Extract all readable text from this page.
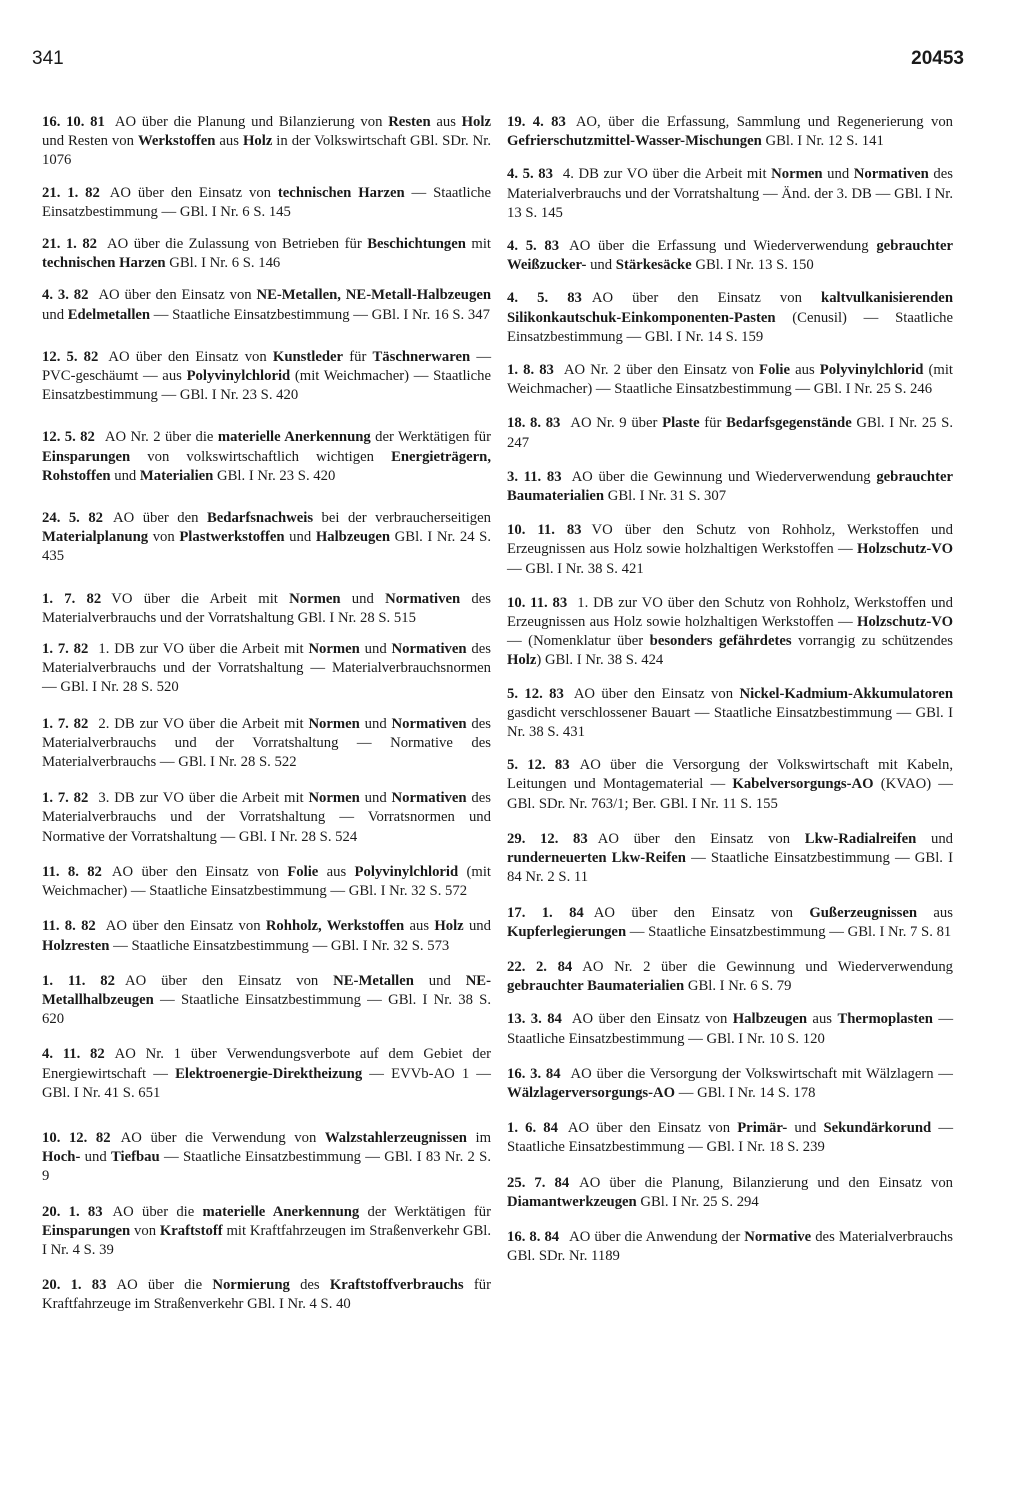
341	20453

16. 10. 81 AO über die Planung und Bilanzierung von Resten aus Holz und Resten von Werkstoffen aus Holz in der Volkswirtschaft GBl. SDr. Nr. 1076

21. 1. 82 AO über den Einsatz von technischen Harzen — Staatliche Einsatzbestimmung — GBl. I Nr. 6 S. 145

21. 1. 82 AO über die Zulassung von Betrieben für Beschichtungen mit technischen Harzen GBl. I Nr. 6 S. 146

4. 3. 82 AO über den Einsatz von NE-Metallen, NE-Metall-Halbzeugen und Edelmetallen — Staatliche Einsatzbestimmung — GBl. I Nr. 16 S. 347

12. 5. 82 AO über den Einsatz von Kunstleder für Täschnerwaren — PVC-geschäumt — aus Polyvinylchlorid (mit Weichmacher) — Staatliche Einsatzbestimmung — GBl. I Nr. 23 S. 420

12. 5. 82 AO Nr. 2 über die materielle Anerkennung der Werktätigen für Einsparungen von volkswirtschaftlich wichtigen Energieträgern, Rohstoffen und Materialien GBl. I Nr. 23 S. 420

24. 5. 82 AO über den Bedarfsnachweis bei der verbraucherseitigen Materialplanung von Plastwerkstoffen und Halbzeugen GBl. I Nr. 24 S. 435

1. 7. 82 VO über die Arbeit mit Normen und Normativen des Materialverbrauchs und der Vorratshaltung GBl. I Nr. 28 S. 515

1. 7. 82 1. DB zur VO über die Arbeit mit Normen und Normativen des Materialverbrauchs und der Vorratshaltung — Materialverbrauchsnormen — GBl. I Nr. 28 S. 520

1. 7. 82 2. DB zur VO über die Arbeit mit Normen und Normativen des Materialverbrauchs und der Vorratshaltung — Normative des Materialverbrauchs — GBl. I Nr. 28 S. 522

1. 7. 82 3. DB zur VO über die Arbeit mit Normen und Normativen des Materialverbrauchs und der Vorratshaltung — Vorratsnormen und Normative der Vorratshaltung — GBl. I Nr. 28 S. 524

11. 8. 82 AO über den Einsatz von Folie aus Polyvinylchlorid (mit Weichmacher) — Staatliche Einsatzbestimmung — GBl. I Nr. 32 S. 572

11. 8. 82 AO über den Einsatz von Rohholz, Werkstoffen aus Holz und Holzresten — Staatliche Einsatzbestimmung — GBl. I Nr. 32 S. 573

1. 11. 82 AO über den Einsatz von NE-Metallen und NE-Metallhalbzeugen — Staatliche Einsatzbestimmung — GBl. I Nr. 38 S. 620

4. 11. 82 AO Nr. 1 über Verwendungsverbote auf dem Gebiet der Energiewirtschaft — Elektroenergie-Direktheizung — EVVb-AO 1 — GBl. I Nr. 41 S. 651

10. 12. 82 AO über die Verwendung von Walzstahlerzeugnissen im Hoch- und Tiefbau — Staatliche Einsatzbestimmung — GBl. I 83 Nr. 2 S. 9

20. 1. 83 AO über die materielle Anerkennung der Werktätigen für Einsparungen von Kraftstoff mit Kraftfahrzeugen im Straßenverkehr GBl. I Nr. 4 S. 39

20. 1. 83 AO über die Normierung des Kraftstoffverbrauchs für Kraftfahrzeuge im Straßenverkehr GBl. I Nr. 4 S. 40

19. 4. 83 AO, über die Erfassung, Sammlung und Regenerierung von Gefrierschutzmittel-Wasser-Mischungen GBl. I Nr. 12 S. 141

4. 5. 83 4. DB zur VO über die Arbeit mit Normen und Normativen des Materialverbrauchs und der Vorratshaltung — Änd. der 3. DB — GBl. I Nr. 13 S. 145

4. 5. 83 AO über die Erfassung und Wiederverwendung gebrauchter Weißzucker- und Stärkesäcke GBl. I Nr. 13 S. 150

4. 5. 83 AO über den Einsatz von kaltvulkanisierenden Silikonkautschuk-Einkomponenten-Pasten (Cenusil) — Staatliche Einsatzbestimmung — GBl. I Nr. 14 S. 159

1. 8. 83 AO Nr. 2 über den Einsatz von Folie aus Polyvinylchlorid (mit Weichmacher) — Staatliche Einsatzbestimmung — GBl. I Nr. 25 S. 246

18. 8. 83 AO Nr. 9 über Plaste für Bedarfsgegenstände GBl. I Nr. 25 S. 247

3. 11. 83 AO über die Gewinnung und Wiederverwendung gebrauchter Baumaterialien GBl. I Nr. 31 S. 307

10. 11. 83 VO über den Schutz von Rohholz, Werkstoffen und Erzeugnissen aus Holz sowie holzhaltigen Werkstoffen — Holzschutz-VO — GBl. I Nr. 38 S. 421

10. 11. 83 1. DB zur VO über den Schutz von Rohholz, Werkstoffen und Erzeugnissen aus Holz sowie holzhaltigen Werkstoffen — Holzschutz-VO — (Nomenklatur über besonders gefährdetes vorrangig zu schützendes Holz) GBl. I Nr. 38 S. 424

5. 12. 83 AO über den Einsatz von Nickel-Kadmium-Akkumulatoren gasdicht verschlossener Bauart — Staatliche Einsatzbestimmung — GBl. I Nr. 38 S. 431

5. 12. 83 AO über die Versorgung der Volkswirtschaft mit Kabeln, Leitungen und Montagematerial — Kabelversorgungs-AO (KVAO) — GBl. SDr. Nr. 763/1; Ber. GBl. I Nr. 11 S. 155

29. 12. 83 AO über den Einsatz von Lkw-Radialreifen und runderneuerten Lkw-Reifen — Staatliche Einsatzbestimmung — GBl. I 84 Nr. 2 S. 11

17. 1. 84 AO über den Einsatz von Gußerzeugnissen aus Kupferlegierungen — Staatliche Einsatzbestimmung — GBl. I Nr. 7 S. 81

22. 2. 84 AO Nr. 2 über die Gewinnung und Wiederverwendung gebrauchter Baumaterialien GBl. I Nr. 6 S. 79

13. 3. 84 AO über den Einsatz von Halbzeugen aus Thermoplasten — Staatliche Einsatzbestimmung — GBl. I Nr. 10 S. 120

16. 3. 84 AO über die Versorgung der Volkswirtschaft mit Wälzlagern — Wälzlagerversorgungs-AO — GBl. I Nr. 14 S. 178

1. 6. 84 AO über den Einsatz von Primär- und Sekundärkorund — Staatliche Einsatzbestimmung — GBl. I Nr. 18 S. 239

25. 7. 84 AO über die Planung, Bilanzierung und den Einsatz von Diamantwerkzeugen GBl. I Nr. 25 S. 294

16. 8. 84 AO über die Anwendung der Normative des Materialverbrauchs GBl. SDr. Nr. 1189
